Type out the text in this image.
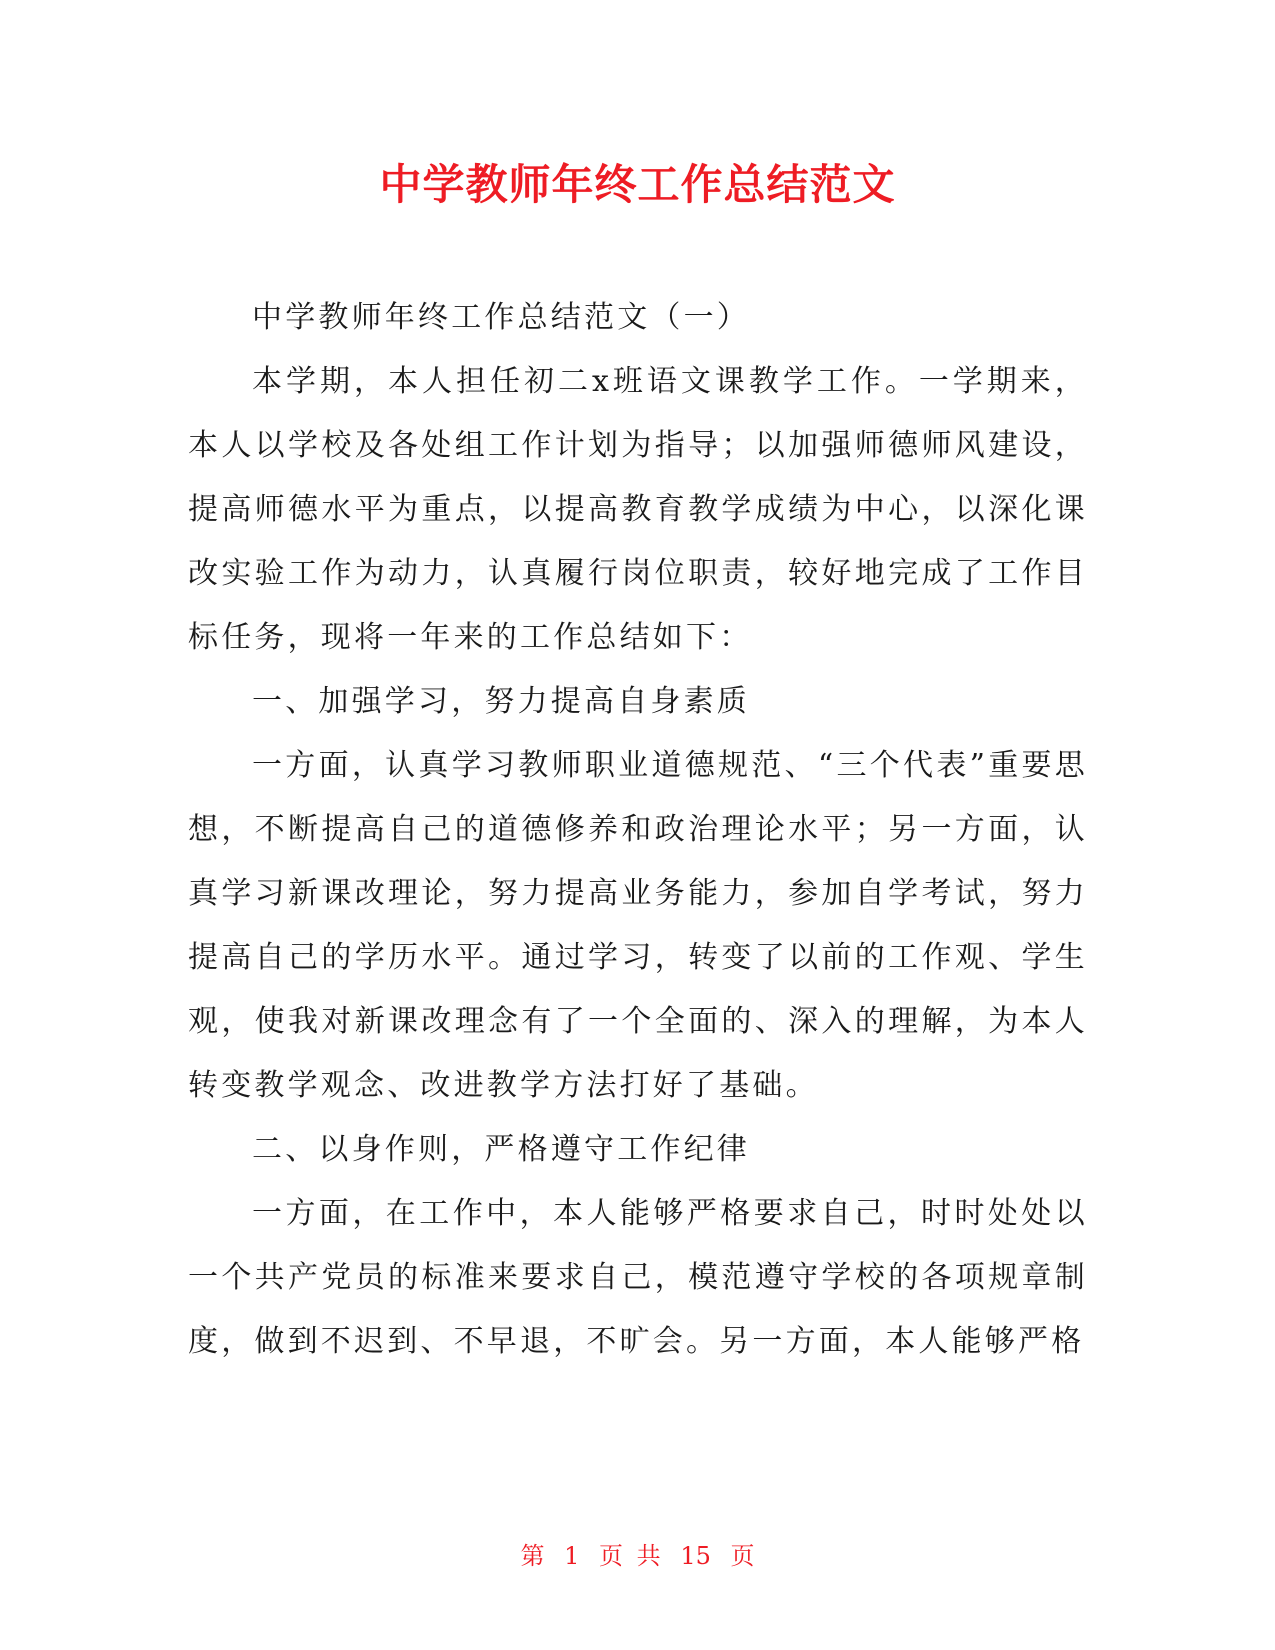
中学教师年终工作总结范文

中学教师年终工作总结范文（一）

本学期，本人担任初二x班语文课教学工作。一学期来，本人以学校及各处组工作计划为指导；以加强师德师风建设，提高师德水平为重点，以提高教育教学成绩为中心，以深化课改实验工作为动力，认真履行岗位职责，较好地完成了工作目标任务，现将一年来的工作总结如下：

一、加强学习，努力提高自身素质

一方面，认真学习教师职业道德规范、“三个代表”重要思想，不断提高自己的道德修养和政治理论水平；另一方面，认真学习新课改理论，努力提高业务能力，参加自学考试，努力提高自己的学历水平。通过学习，转变了以前的工作观、学生观，使我对新课改理念有了一个全面的、深入的理解，为本人转变教学观念、改进教学方法打好了基础。

二、以身作则，严格遵守工作纪律

一方面，在工作中，本人能够严格要求自己，时时处处以一个共产党员的标准来要求自己，模范遵守学校的各项规章制度，做到不迟到、不早退，不旷会。另一方面，本人能够严格

第 1 页 共 15 页
